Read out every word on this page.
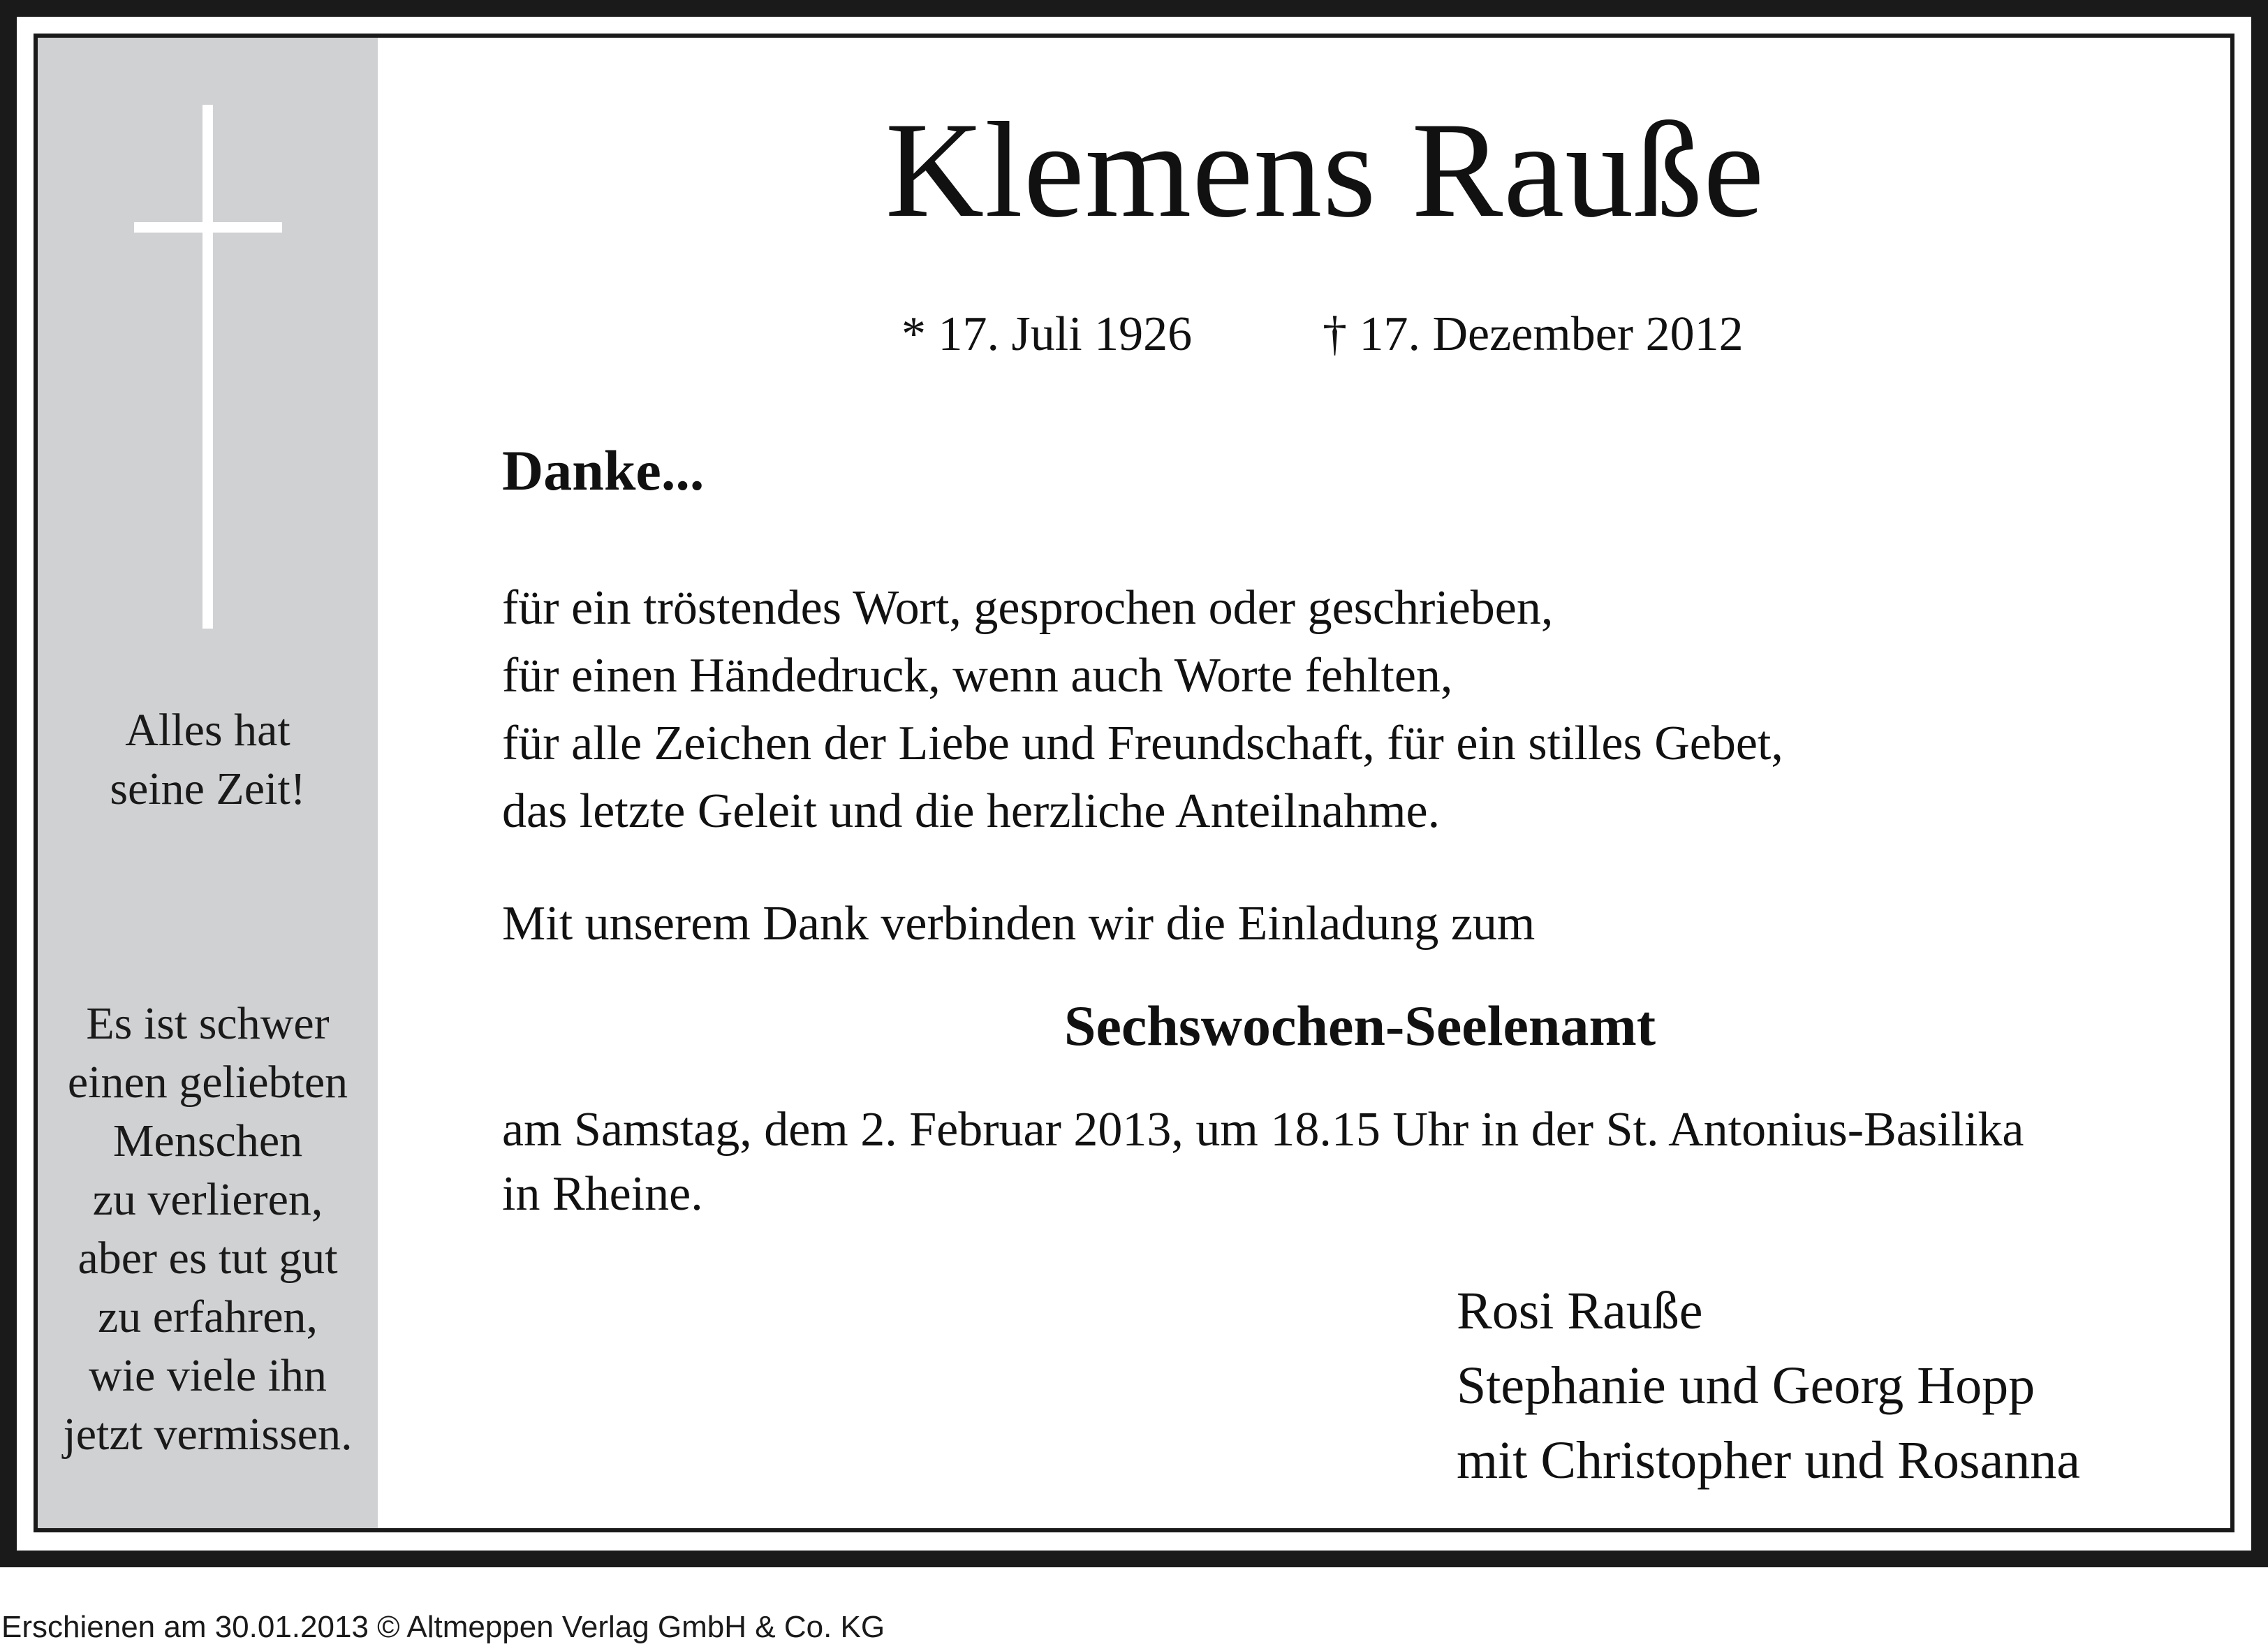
Alles hat
seine Zeit!
Es ist schwer
einen geliebten
Menschen
zu verlieren,
aber es tut gut
zu erfahren,
wie viele ihn
jetzt vermissen.
Klemens Rauße
* 17. Juli 1926	† 17. Dezember 2012
Danke...
für ein tröstendes Wort, gesprochen oder geschrieben,
für einen Händedruck, wenn auch Worte fehlten,
für alle Zeichen der Liebe und Freundschaft, für ein stilles Gebet,
das letzte Geleit und die herzliche Anteilnahme.
Mit unserem Dank verbinden wir die Einladung zum
Sechswochen-Seelenamt
am Samstag, dem 2. Februar 2013, um 18.15 Uhr in der St. Antonius-Basilika
in Rheine.
Rosi Rauße
Stephanie und Georg Hopp
mit Christopher und Rosanna
Erschienen am 30.01.2013 © Altmeppen Verlag GmbH & Co. KG
